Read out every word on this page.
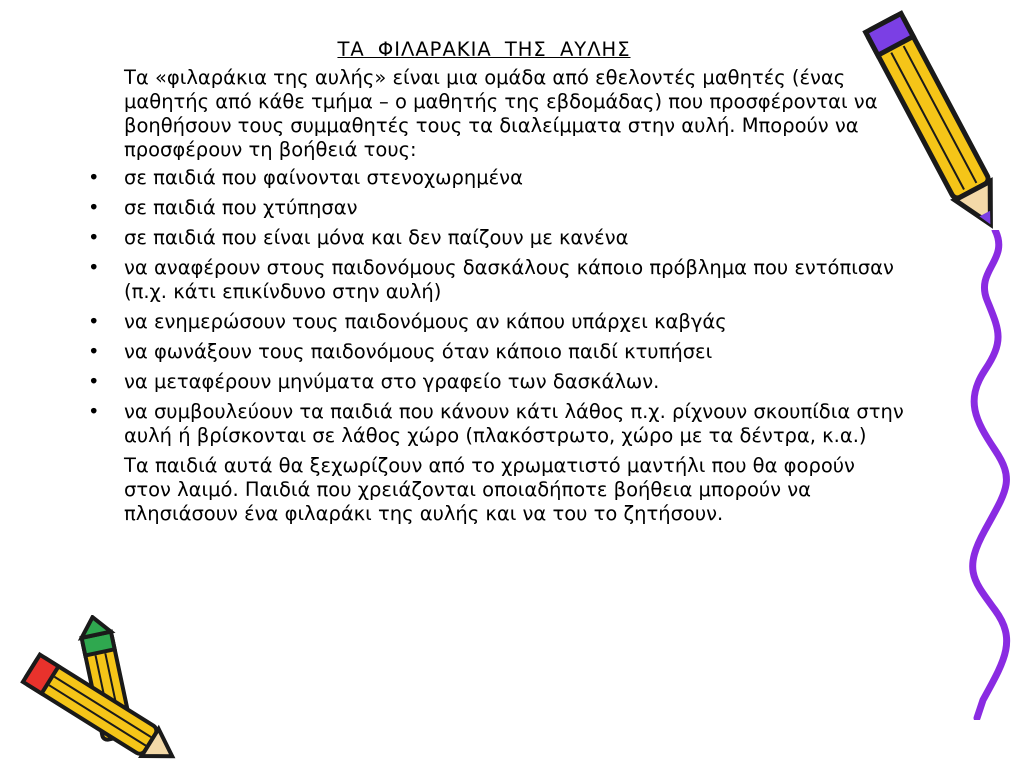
ΤΑ ΦΙΛΑΡΑΚΙΑ ΤΗΣ ΑΥΛΗΣ
Τα «φιλαράκια της αυλής» είναι μια ομάδα από εθελοντές μαθητές (ένας μαθητής από κάθε τμήμα – ο μαθητής της εβδομάδας) που προσφέρονται να βοηθήσουν τους συμμαθητές τους τα διαλείμματα στην αυλή. Μπορούν να προσφέρουν τη βοήθειά τους:
•	σε παιδιά που φαίνονται στενοχωρημένα
•	σε παιδιά που χτύπησαν
•	σε παιδιά που είναι μόνα και δεν παίζουν με κανένα
•	να αναφέρουν στους παιδονόμους δασκάλους κάποιο πρόβλημα που εντόπισαν (π.χ. κάτι επικίνδυνο στην αυλή)
•	να ενημερώσουν τους παιδονόμους αν κάπου υπάρχει καβγάς
•	να φωνάξουν τους παιδονόμους όταν κάποιο παιδί κτυπήσει
•	να μεταφέρουν μηνύματα στο γραφείο των δασκάλων.
•	να συμβουλεύουν τα παιδιά που κάνουν κάτι λάθος π.χ. ρίχνουν σκουπίδια στην αυλή ή βρίσκονται σε λάθος χώρο (πλακόστρωτο, χώρο με τα δέντρα, κ.α.)
Τα παιδιά αυτά θα ξεχωρίζουν από το χρωματιστό μαντήλι που θα φορούν στον λαιμό. Παιδιά που χρειάζονται οποιαδήποτε βοήθεια μπορούν να πλησιάσουν ένα φιλαράκι της αυλής και να του το ζητήσουν.
